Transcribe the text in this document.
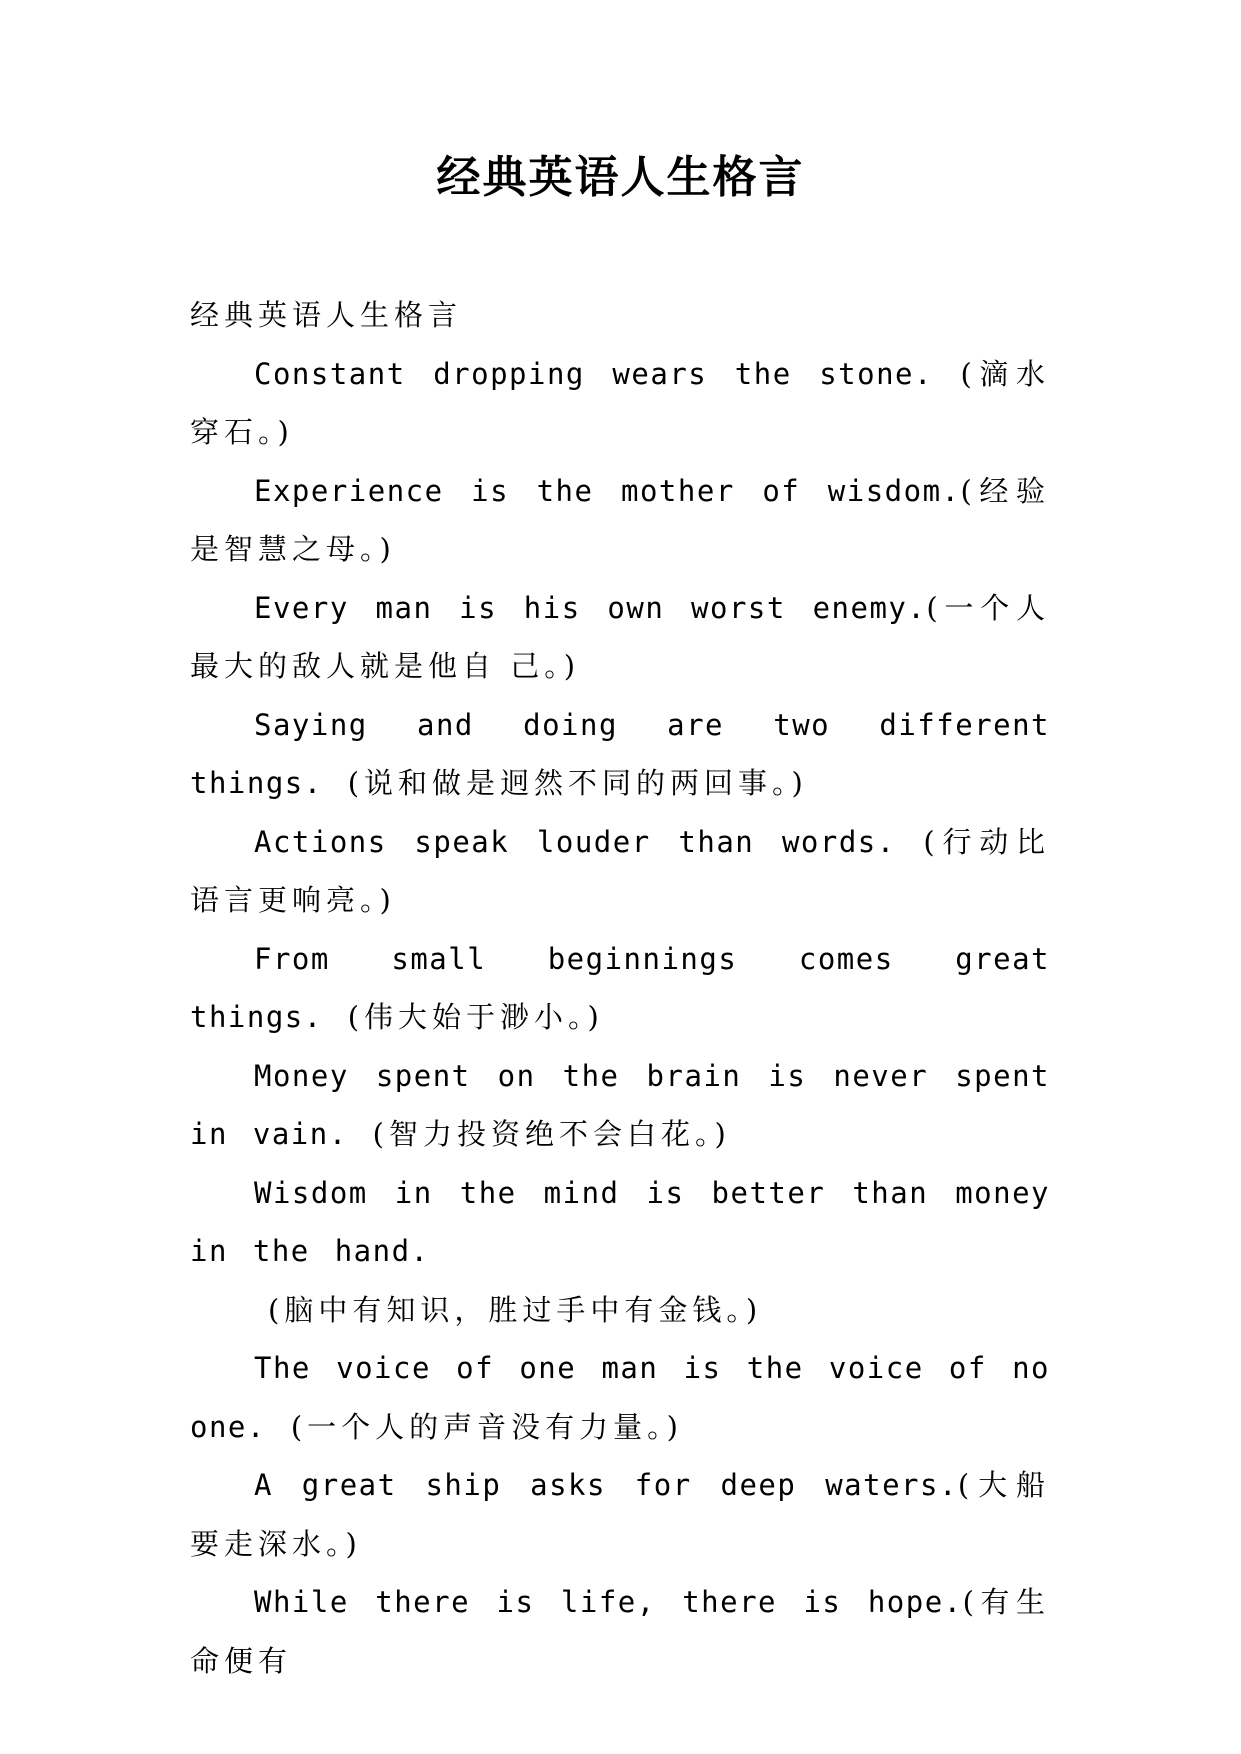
经典英语人生格言

经典英语人生格言

Constant dropping wears the stone. (滴水穿石。)

Experience is the mother of wisdom.(经验是智慧之母。)

Every man is his own worst enemy.(一个人最大的敌人就是他自 己。)

Saying and doing are two different things. (说和做是迥然不同的两回事。)

Actions speak louder than words. (行动比语言更响亮。)

From small beginnings comes great things. (伟大始于渺小。)

Money spent on the brain is never spent in vain. (智力投资绝不会白花。)

Wisdom in the mind is better than money in the hand.

(脑中有知识，胜过手中有金钱。)

The voice of one man is the voice of no one. (一个人的声音没有力量。)

A great ship asks for deep waters.(大船要走深水。)

While there is life, there is hope.(有生命便有
